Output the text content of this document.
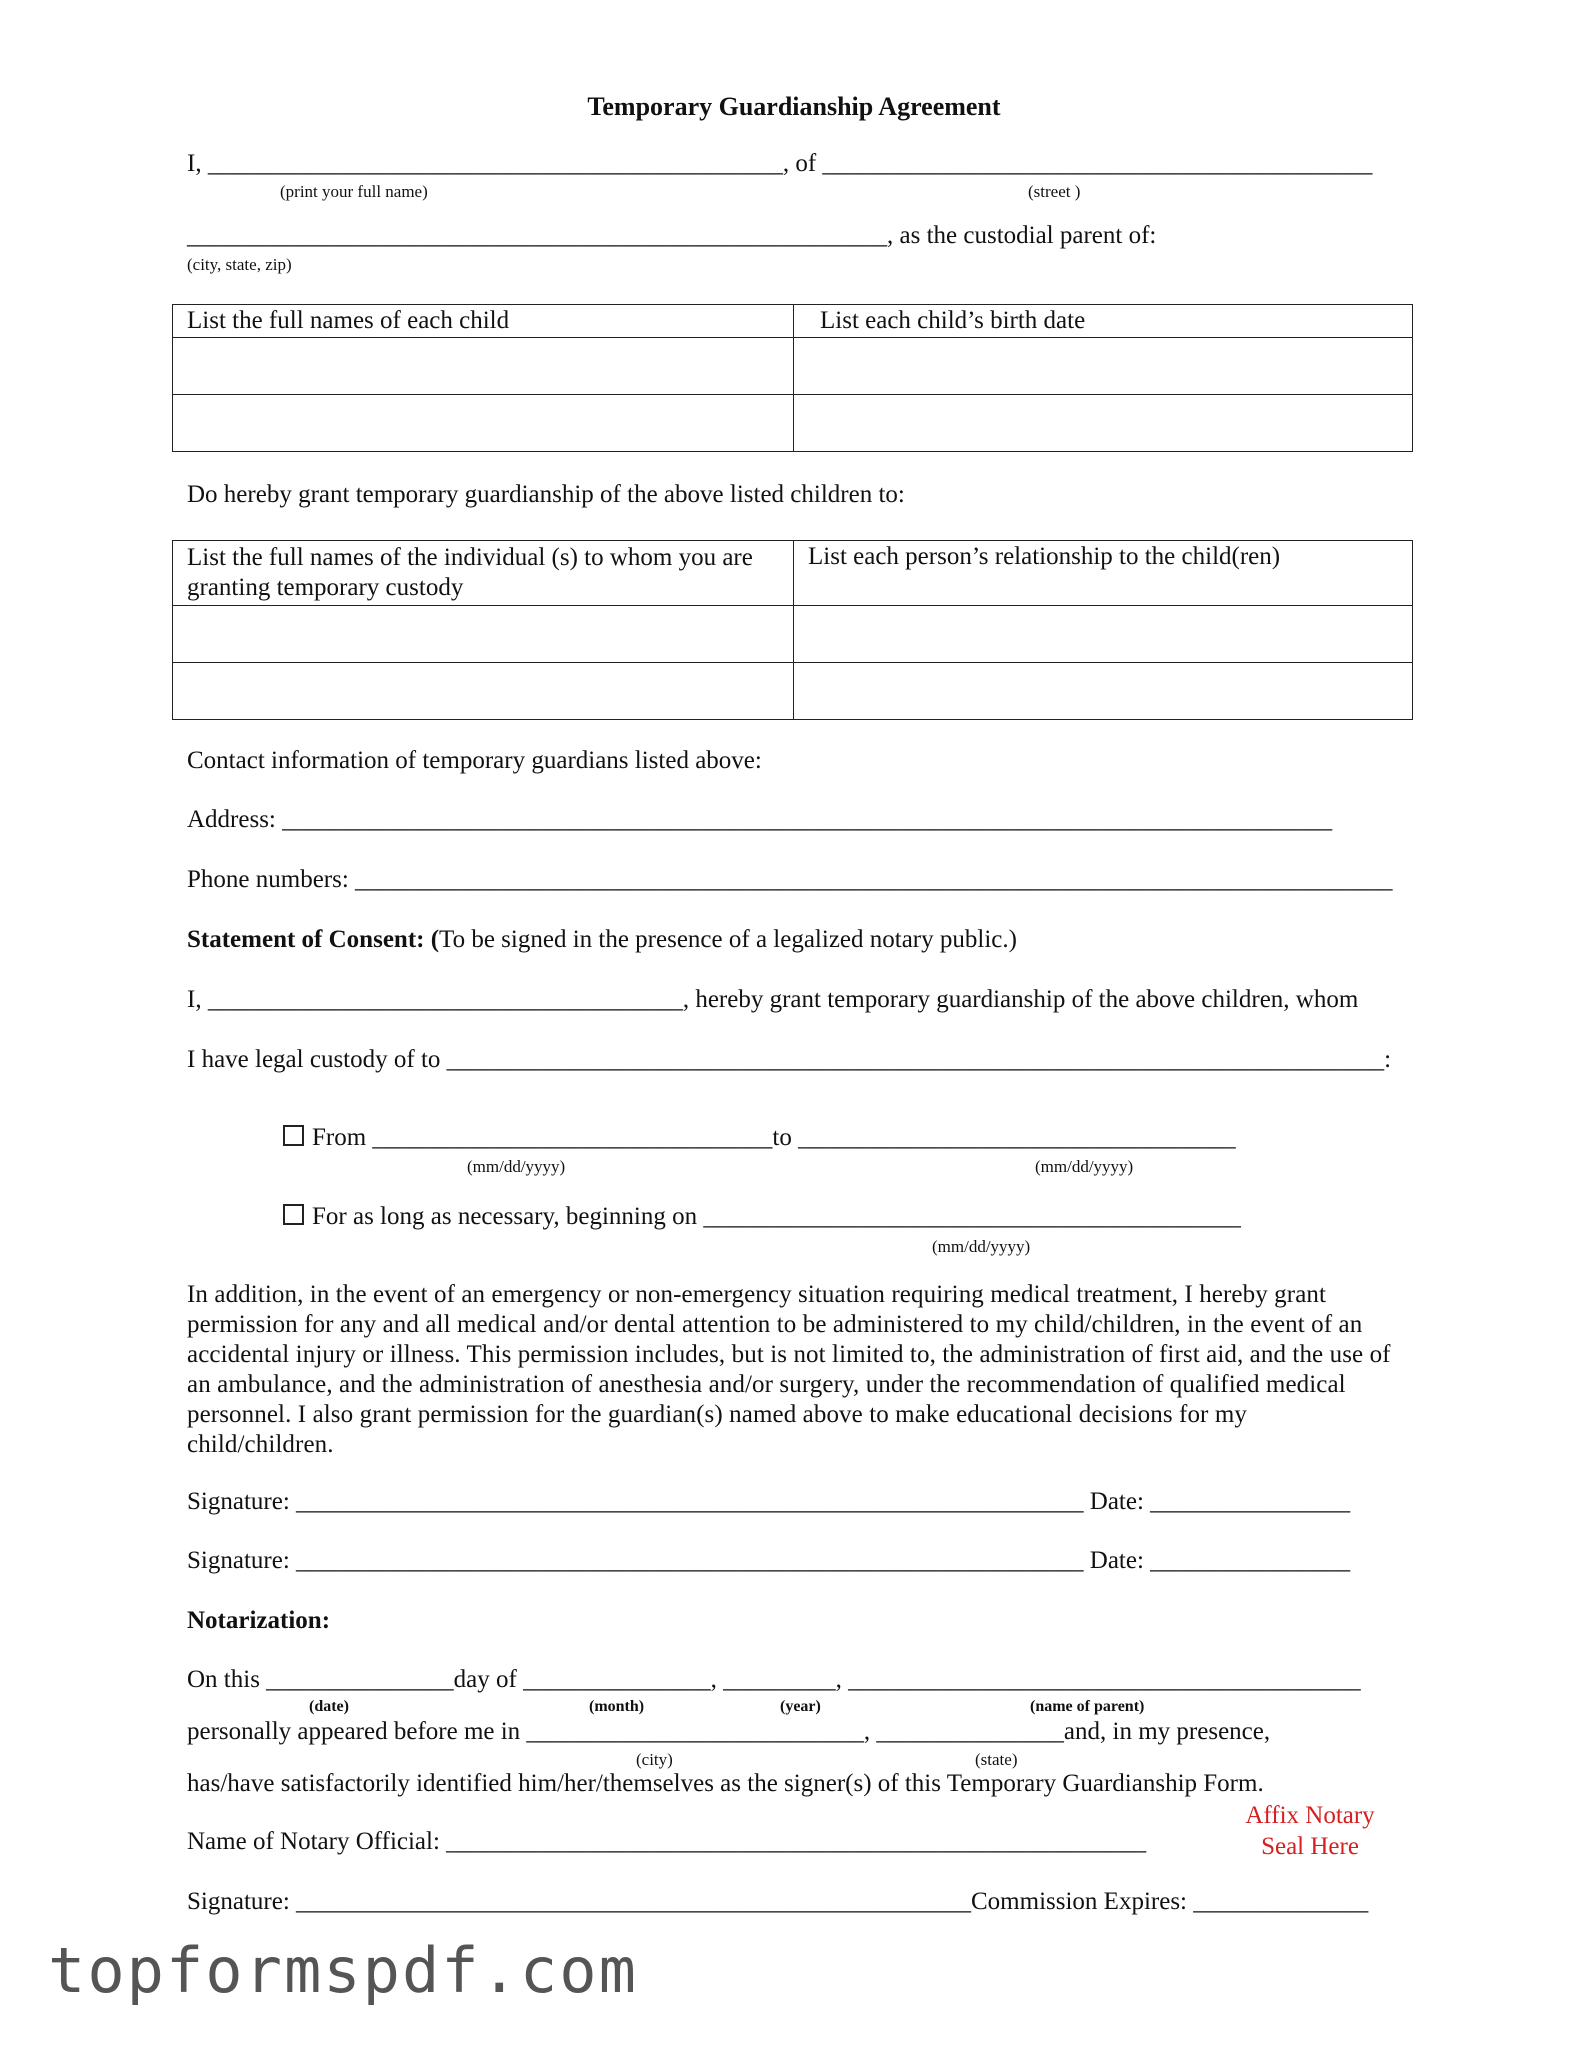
Temporary Guardianship Agreement
I, ______________________________________________, of ____________________________________________
(print your full name)	(street )
________________________________________________________, as the custodial parent of:
(city, state, zip)
List the full names of each child	List each child’s birth date

Do hereby grant temporary guardianship of the above listed children to:
List the full names of the individual (s) to whom you are
granting temporary custody	List each person’s relationship to the child(ren)

Contact information of temporary guardians listed above:
Address: ____________________________________________________________________________________
Phone numbers: ___________________________________________________________________________________
Statement of Consent: (To be signed in the presence of a legalized notary public.)
I, ______________________________________, hereby grant temporary guardianship of the above children, whom
I have legal custody of to ___________________________________________________________________________:
From ________________________________to ___________________________________
(mm/dd/yyyy)	(mm/dd/yyyy)
For as long as necessary, beginning on ___________________________________________
(mm/dd/yyyy)
In addition, in the event of an emergency or non-emergency situation requiring medical treatment, I hereby grant permission for any and all medical and/or dental attention to be administered to my child/children, in the event of an accidental injury or illness. This permission includes, but is not limited to, the administration of first aid, and the use of an ambulance, and the administration of anesthesia and/or surgery, under the recommendation of qualified medical personnel. I also grant permission for the guardian(s) named above to make educational decisions for my child/children.
Signature: _______________________________________________________________ Date: ________________
Signature: _______________________________________________________________ Date: ________________
Notarization:
On this _______________day of _______________, _________, _________________________________________
(date)	(month)	(year)	(name of parent)
personally appeared before me in ___________________________, _______________and, in my presence,
(city)	(state)
has/have satisfactorily identified him/her/themselves as the signer(s) of this Temporary Guardianship Form.
Affix Notary
Seal Here
Name of Notary Official: ________________________________________________________
Signature: ______________________________________________________Commission Expires: ______________
topformspdf.com
